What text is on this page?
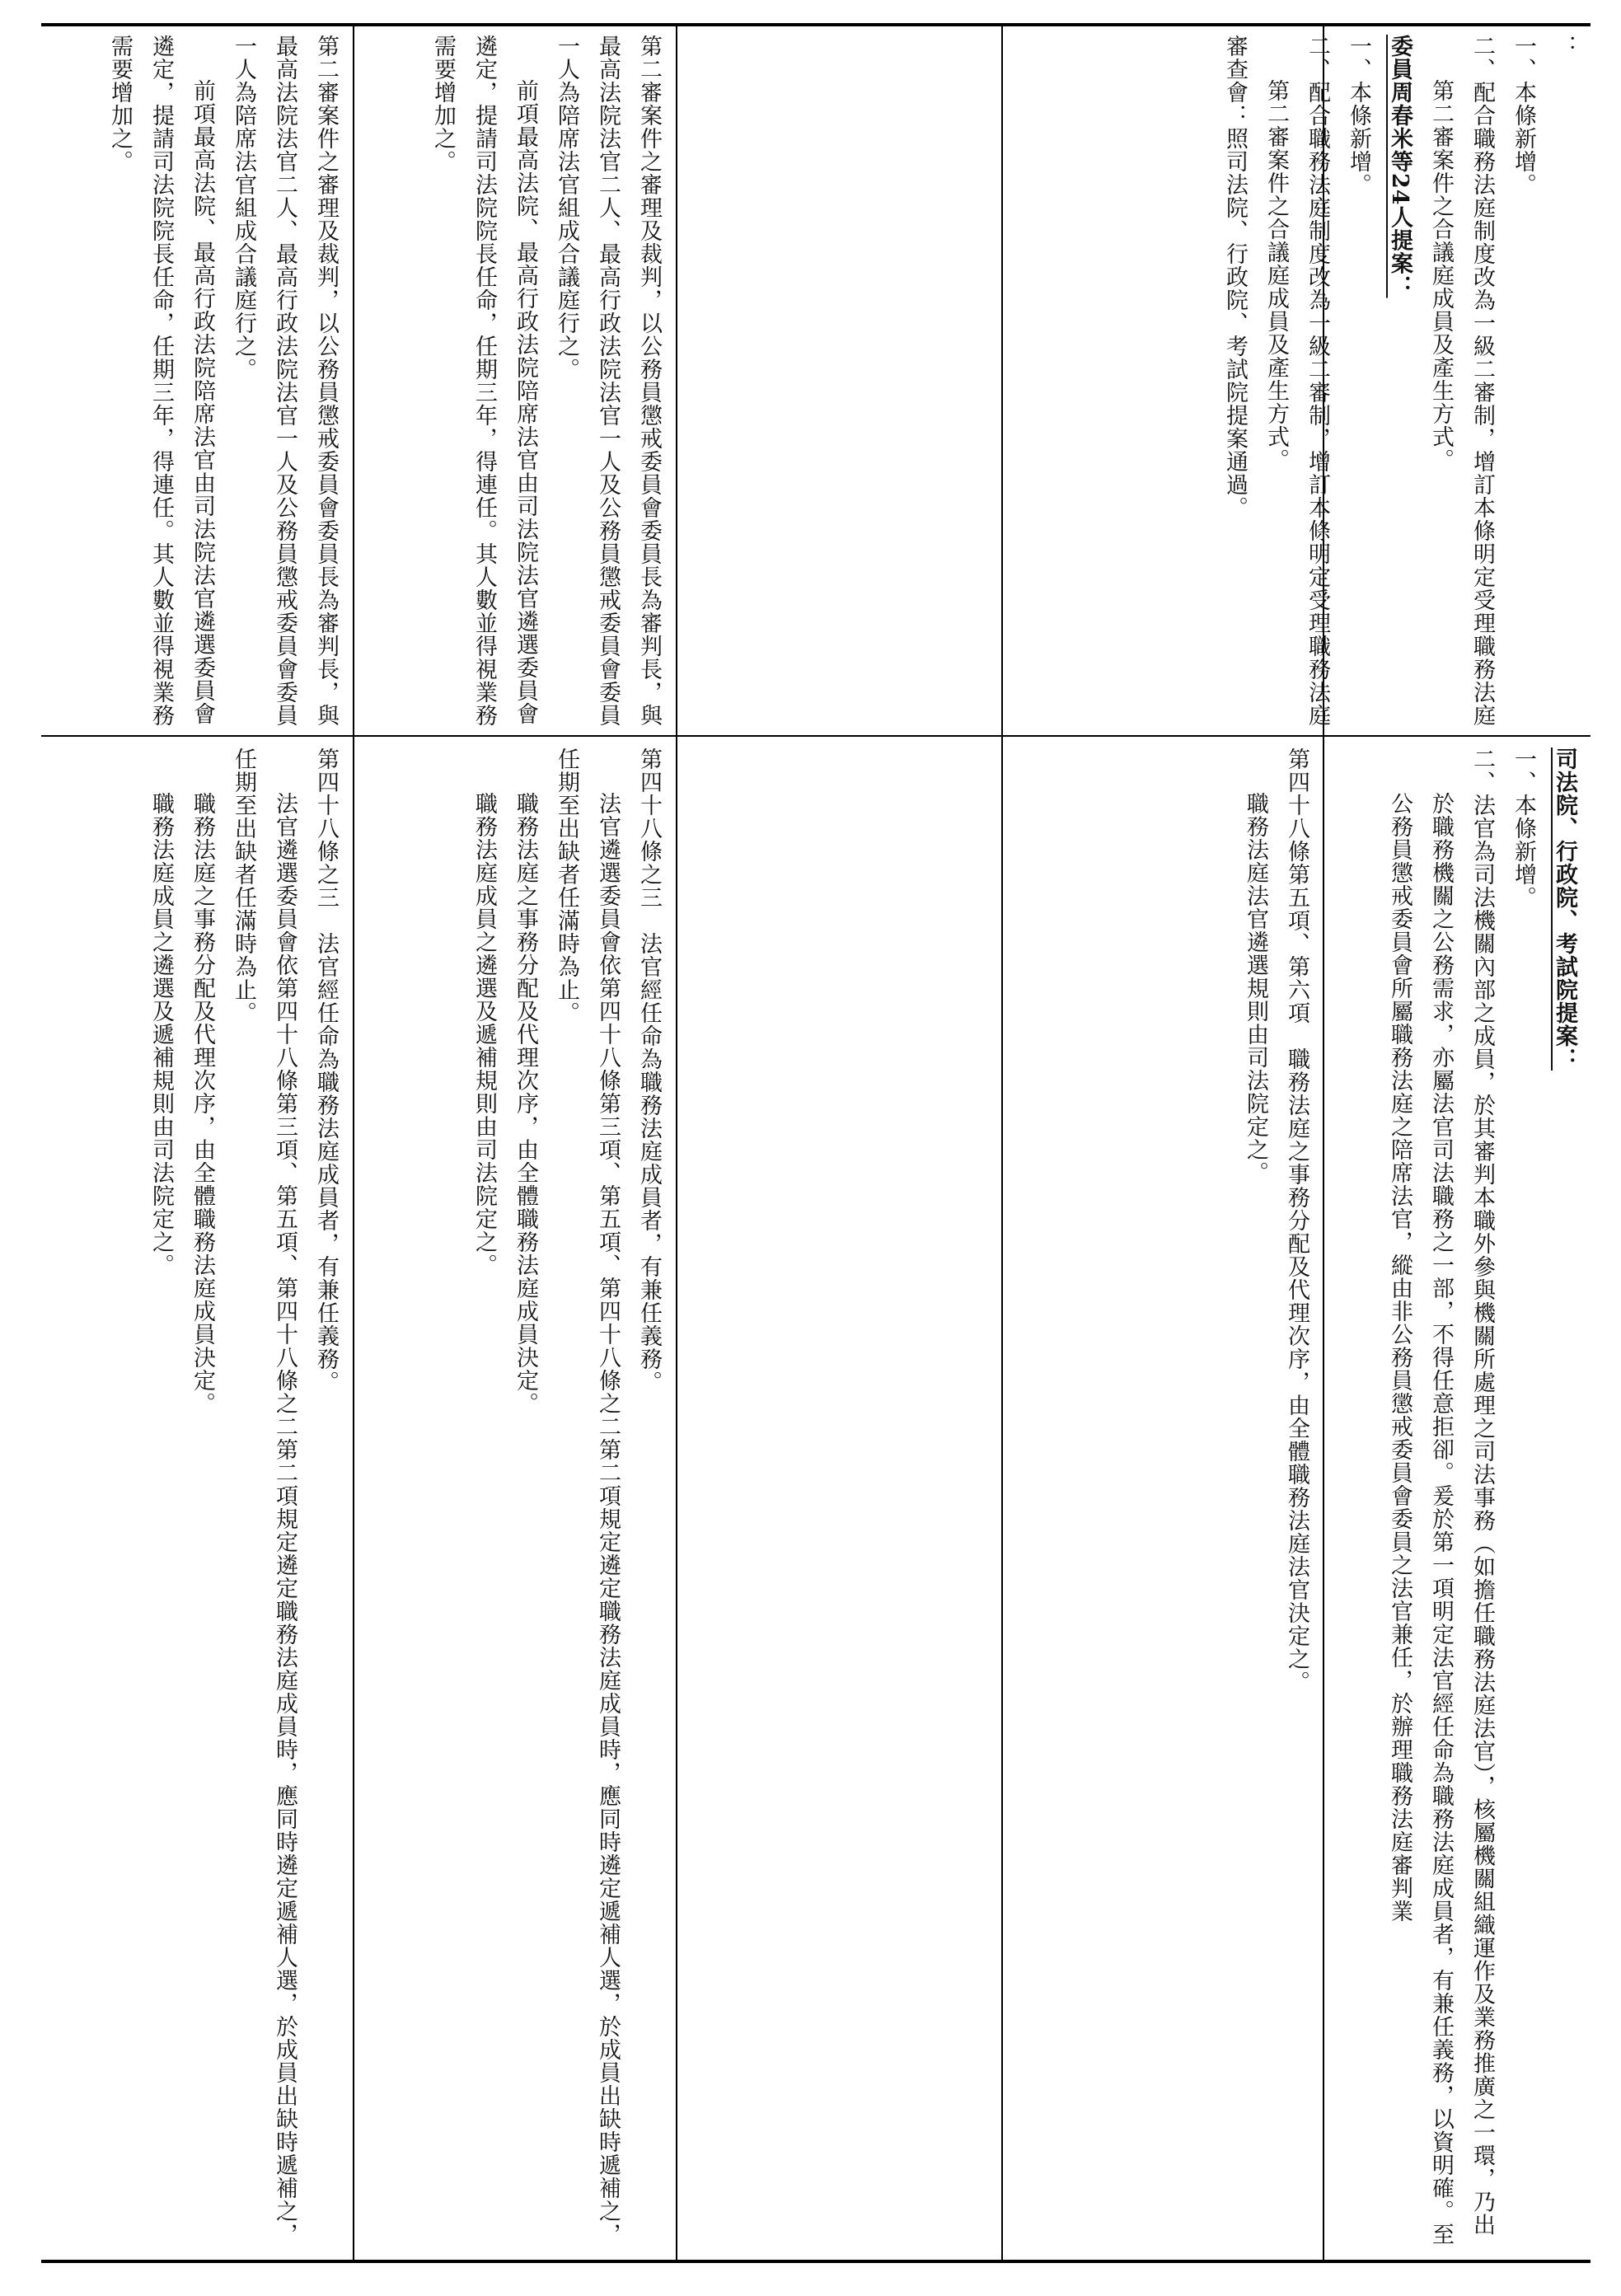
：

一、本條新增。

二、配合職務法庭制度改為一級二審制，增訂本條明定受理職務法庭第二審案件之合議庭成員及產生方式。

委員周春米等24人提案：

一、本條新增。

二、配合職務法庭制度改為一級二審制，增訂本條明定受理職務法庭第二審案件之合議庭成員及產生方式。

審查會：照司法院、行政院、考試院提案通過。

第二審案件之審理及裁判，以公務員懲戒委員會委員長為審判長，與最高法院法官二人、最高行政法院法官一人及公務員懲戒委員會委員一人為陪席法官組成合議庭行之。

前項最高法院、最高行政法院陪席法官由司法院法官遴選委員會遴定，提請司法院院長任命，任期三年，得連任。其人數並得視業務需要增加之。

第二審案件之審理及裁判，以公務員懲戒委員會委員長為審判長，與最高法院法官二人、最高行政法院法官一人及公務員懲戒委員會委員一人為陪席法官組成合議庭行之。

前項最高法院、最高行政法院陪席法官由司法院法官遴選委員會遴定，提請司法院院長任命，任期三年，得連任。其人數並得視業務需要增加之。

司法院、行政院、考試院提案：

一、本條新增。

二、法官為司法機關內部之成員，於其審判本職外參與機關所處理之司法事務（如擔任職務法庭法官），核屬機關組織運作及業務推廣之一環，乃出於職務機關之公務需求，亦屬法官司法職務之一部，不得任意拒卻。爰於第一項明定法官經任命為職務法庭成員者，有兼任義務，以資明確。至公務員懲戒委員會所屬職務法庭之陪席法官，縱由非公務員懲戒委員會委員之法官兼任，於辦理職務法庭審判業

第四十八條第五項、第六項　職務法庭之事務分配及代理次序，由全體職務法庭法官決定之。

職務法庭法官遴選規則由司法院定之。

第四十八條之三　法官經任命為職務法庭成員者，有兼任義務。

法官遴選委員會依第四十八條第三項、第五項、第四十八條之二第二項規定遴定職務法庭成員時，應同時遴定遞補人選，於成員出缺時遞補之，任期至出缺者任滿時為止。

職務法庭之事務分配及代理次序，由全體職務法庭成員決定。

職務法庭成員之遴選及遞補規則由司法院定之。

第四十八條之三　法官經任命為職務法庭成員者，有兼任義務。

法官遴選委員會依第四十八條第三項、第五項、第四十八條之二第二項規定遴定職務法庭成員時，應同時遴定遞補人選，於成員出缺時遞補之，任期至出缺者任滿時為止。

職務法庭之事務分配及代理次序，由全體職務法庭成員決定。

職務法庭成員之遴選及遞補規則由司法院定之。
